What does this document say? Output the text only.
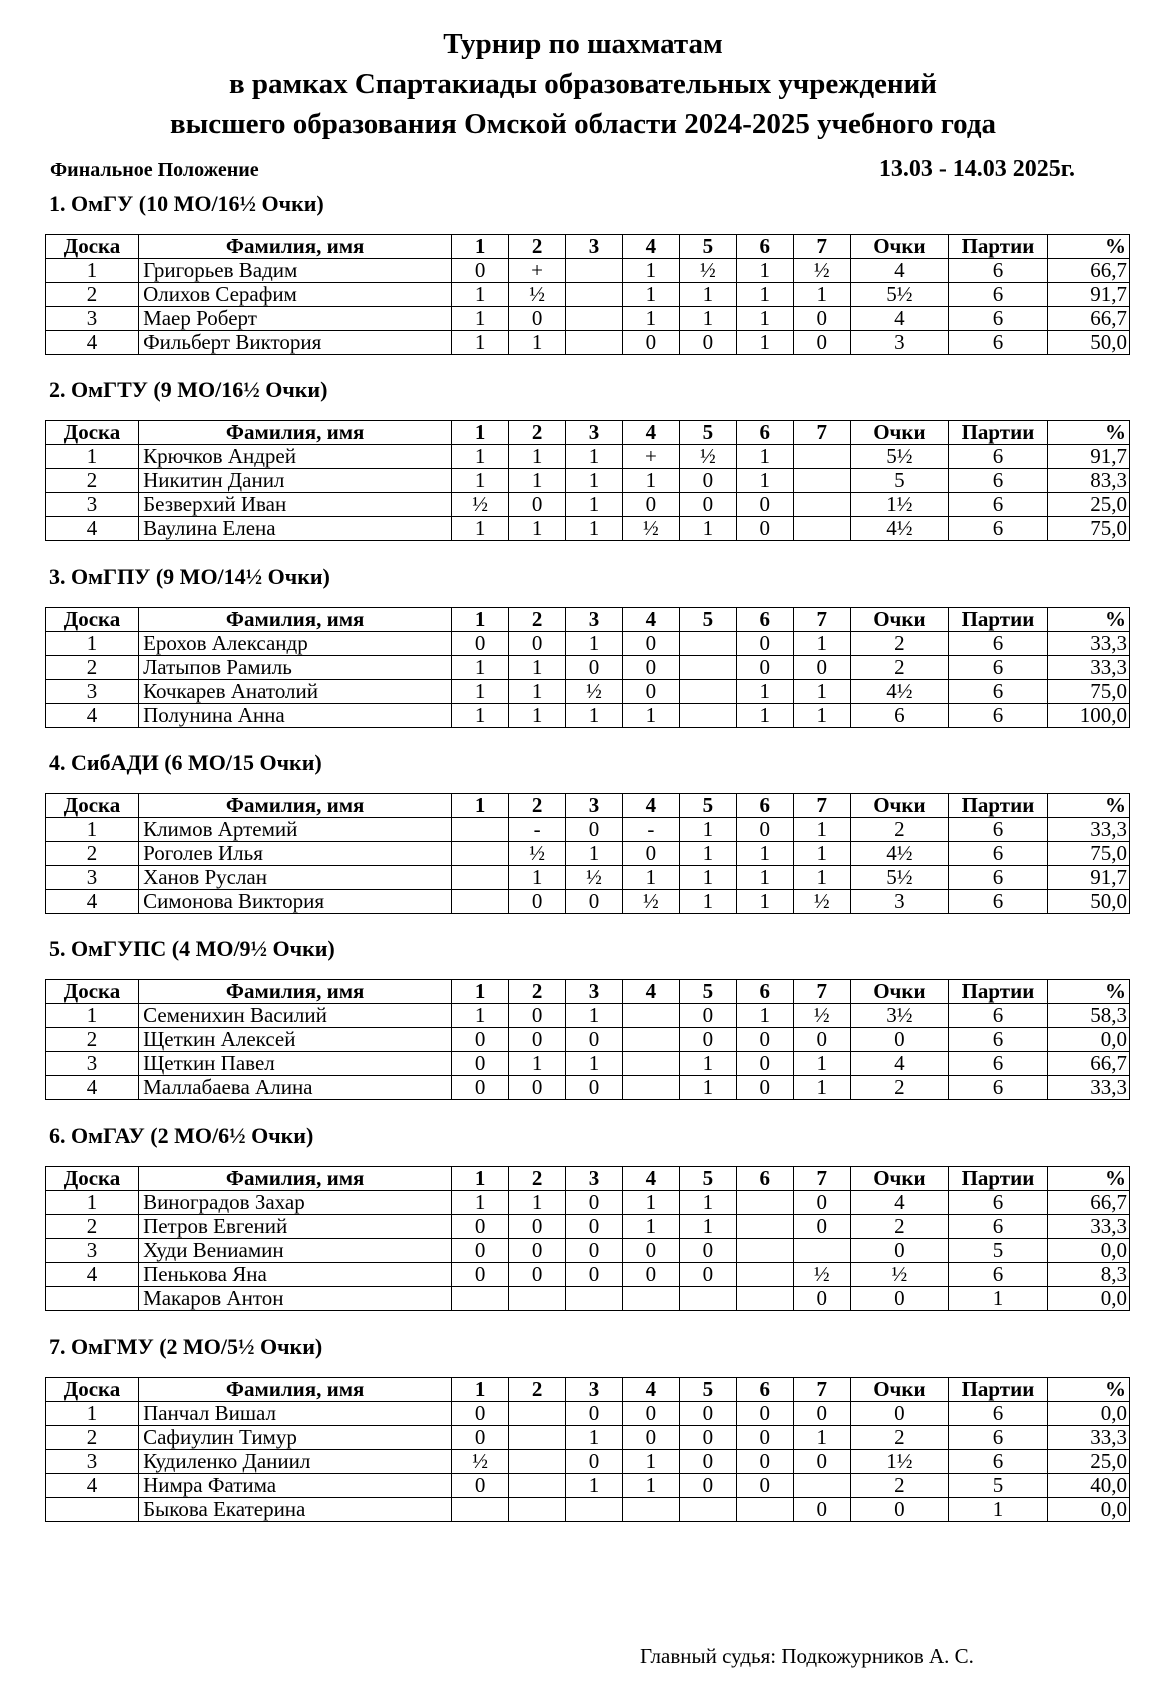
Турнир по шахматам
в рамках Спартакиады образовательных учреждений
высшего образования Омской области 2024-2025 учебного года
Финальное Положение	13.03 - 14.03 2025г.
1. ОмГУ (10 МО/16½ Очки)
Доска	Фамилия, имя	1	2	3	4	5	6	7	Очки	Партии	%
1	Григорьев Вадим	0	+		1	½	1	½	4	6	66,7
2	Олихов Серафим	1	½		1	1	1	1	5½	6	91,7
3	Маер Роберт	1	0		1	1	1	0	4	6	66,7
4	Фильберт Виктория	1	1		0	0	1	0	3	6	50,0
2. ОмГТУ (9 МО/16½ Очки)
Доска	Фамилия, имя	1	2	3	4	5	6	7	Очки	Партии	%
1	Крючков Андрей	1	1	1	+	½	1		5½	6	91,7
2	Никитин Данил	1	1	1	1	0	1		5	6	83,3
3	Безверхий Иван	½	0	1	0	0	0		1½	6	25,0
4	Ваулина Елена	1	1	1	½	1	0		4½	6	75,0
3. ОмГПУ (9 МО/14½ Очки)
Доска	Фамилия, имя	1	2	3	4	5	6	7	Очки	Партии	%
1	Ерохов Александр	0	0	1	0		0	1	2	6	33,3
2	Латыпов Рамиль	1	1	0	0		0	0	2	6	33,3
3	Кочкарев Анатолий	1	1	½	0		1	1	4½	6	75,0
4	Полунина Анна	1	1	1	1		1	1	6	6	100,0
4. СибАДИ (6 МО/15 Очки)
Доска	Фамилия, имя	1	2	3	4	5	6	7	Очки	Партии	%
1	Климов Артемий		-	0	-	1	0	1	2	6	33,3
2	Роголев Илья		½	1	0	1	1	1	4½	6	75,0
3	Ханов Руслан		1	½	1	1	1	1	5½	6	91,7
4	Симонова Виктория		0	0	½	1	1	½	3	6	50,0
5. ОмГУПС (4 МО/9½ Очки)
Доска	Фамилия, имя	1	2	3	4	5	6	7	Очки	Партии	%
1	Семенихин Василий	1	0	1		0	1	½	3½	6	58,3
2	Щеткин Алексей	0	0	0		0	0	0	0	6	0,0
3	Щеткин Павел	0	1	1		1	0	1	4	6	66,7
4	Маллабаева Алина	0	0	0		1	0	1	2	6	33,3
6. ОмГАУ (2 МО/6½ Очки)
Доска	Фамилия, имя	1	2	3	4	5	6	7	Очки	Партии	%
1	Виноградов Захар	1	1	0	1	1		0	4	6	66,7
2	Петров Евгений	0	0	0	1	1		0	2	6	33,3
3	Худи Вениамин	0	0	0	0	0			0	5	0,0
4	Пенькова Яна	0	0	0	0	0		½	½	6	8,3
	Макаров Антон							0	0	1	0,0
7. ОмГМУ (2 МО/5½ Очки)
Доска	Фамилия, имя	1	2	3	4	5	6	7	Очки	Партии	%
1	Панчал Вишал	0		0	0	0	0	0	0	6	0,0
2	Сафиулин Тимур	0		1	0	0	0	1	2	6	33,3
3	Кудиленко Даниил	½		0	1	0	0	0	1½	6	25,0
4	Нимра Фатима	0		1	1	0	0		2	5	40,0
	Быкова Екатерина							0	0	1	0,0
Главный судья: Подкожурников А. С.
